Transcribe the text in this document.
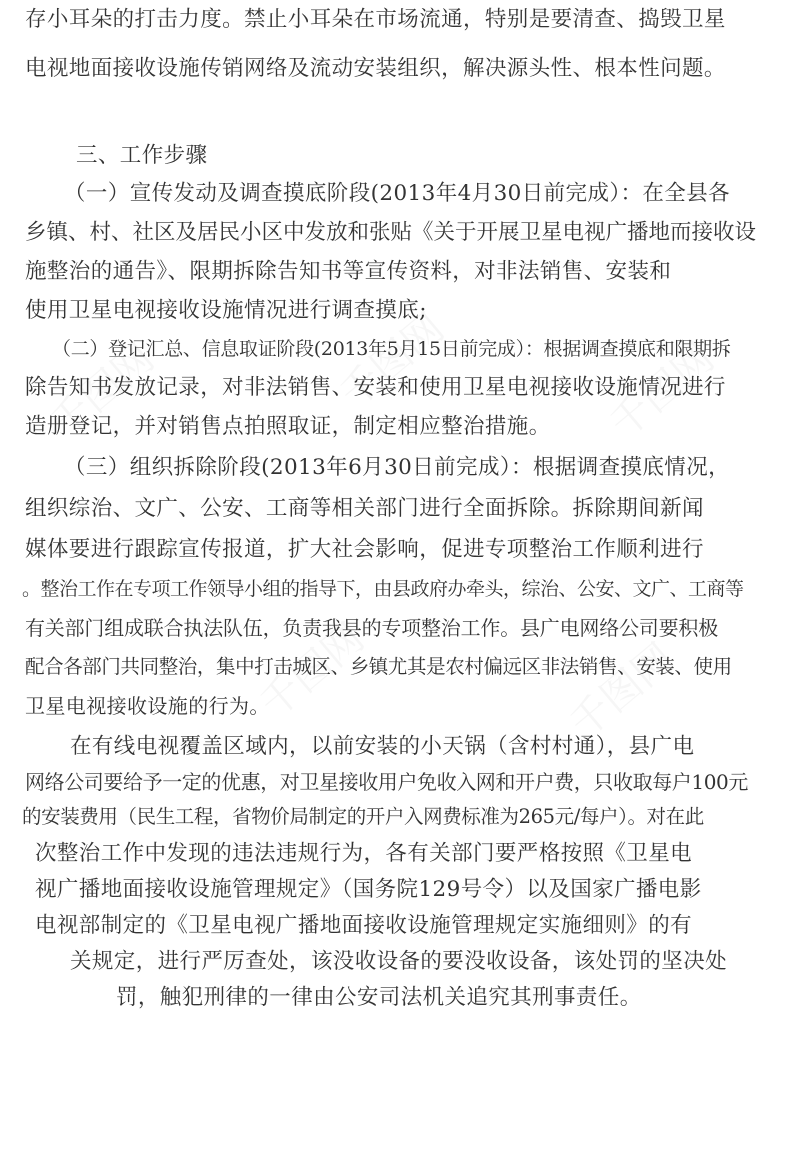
千图网	千图网	千图网
千图网	千图网
存小耳朵的打击力度。禁止小耳朵在市场流通，特别是要清查、捣毁卫星
电视地面接收设施传销网络及流动安装组织，解决源头性、根本性问题。
三、工作步骤
（一）宣传发动及调查摸底阶段(2013年4月30日前完成）：在全县各
乡镇、村、社区及居民小区中发放和张贴《关于开展卫星电视广播地而接收设
施整治的通告》、限期拆除告知书等宣传资料，对非法销售、安装和
使用卫星电视接收设施情况进行调查摸底;
（二）登记汇总、信息取证阶段(2013年5月15日前完成）：根据调查摸底和限期拆
除告知书发放记录，对非法销售、安装和使用卫星电视接收设施情况进行
造册登记，并对销售点拍照取证，制定相应整治措施。
（三）组织拆除阶段(2013年6月30日前完成）：根据调查摸底情况，
组织综治、文广、公安、工商等相关部门进行全面拆除。拆除期间新闻
媒体要进行跟踪宣传报道，扩大社会影响，促进专项整治工作顺利进行
。整治工作在专项工作领导小组的指导下，由县政府办牵头，综治、公安、文广、工商等
有关部门组成联合执法队伍，负责我县的专项整治工作。县广电网络公司要积极
配合各部门共同整治，集中打击城区、乡镇尤其是农村偏远区非法销售、安装、使用
卫星电视接收设施的行为。
在有线电视覆盖区域内，以前安装的小天锅（含村村通），县广电
网络公司要给予一定的优惠，对卫星接收用户免收入网和开户费，只收取每户100元
的安装费用（民生工程，省物价局制定的开户入网费标准为265元/每户）。对在此
次整治工作中发现的违法违规行为，各有关部门要严格按照《卫星电
视广播地面接收设施管理规定》（国务院129号令）以及国家广播电影
电视部制定的《卫星电视广播地面接收设施管理规定实施细则》的有
关规定，进行严厉查处，该没收设备的要没收设备，该处罚的坚决处
罚，触犯刑律的一律由公安司法机关追究其刑事责任。
